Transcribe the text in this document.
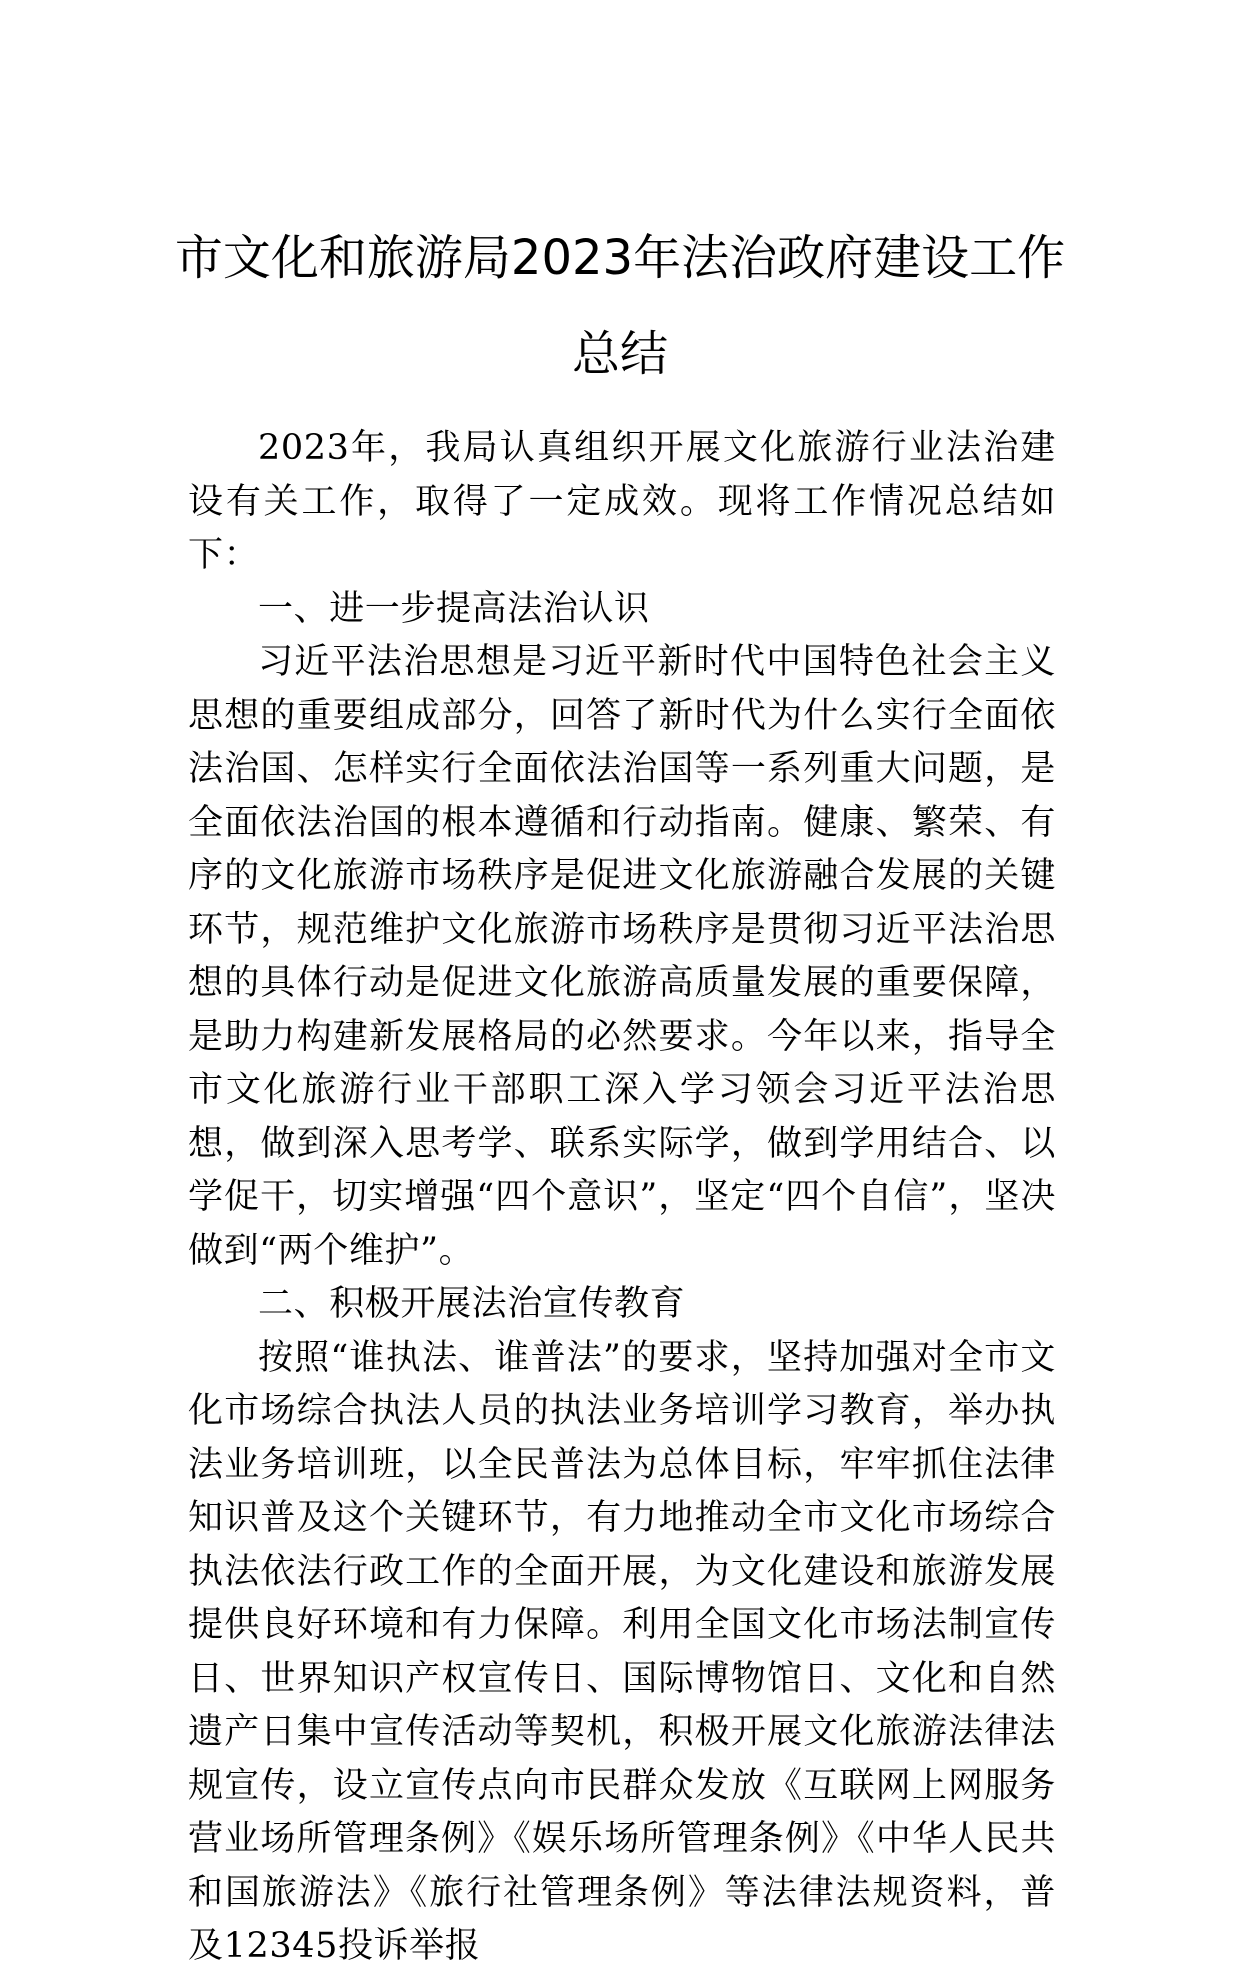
市文化和旅游局2023年法治政府建设工作
总结

2023年，我局认真组织开展文化旅游行业法治建设有关工作，取得了一定成效。现将工作情况总结如下：

一、进一步提高法治认识

习近平法治思想是习近平新时代中国特色社会主义思想的重要组成部分，回答了新时代为什么实行全面依法治国、怎样实行全面依法治国等一系列重大问题，是全面依法治国的根本遵循和行动指南。健康、繁荣、有序的文化旅游市场秩序是促进文化旅游融合发展的关键环节，规范维护文化旅游市场秩序是贯彻习近平法治思想的具体行动是促进文化旅游高质量发展的重要保障，是助力构建新发展格局的必然要求。今年以来，指导全市文化旅游行业干部职工深入学习领会习近平法治思想，做到深入思考学、联系实际学，做到学用结合、以学促干，切实增强“四个意识”，坚定“四个自信”，坚决做到“两个维护”。

二、积极开展法治宣传教育

按照“谁执法、谁普法”的要求，坚持加强对全市文化市场综合执法人员的执法业务培训学习教育，举办执法业务培训班，以全民普法为总体目标，牢牢抓住法律知识普及这个关键环节，有力地推动全市文化市场综合执法依法行政工作的全面开展，为文化建设和旅游发展提供良好环境和有力保障。利用全国文化市场法制宣传日、世界知识产权宣传日、国际博物馆日、文化和自然遗产日集中宣传活动等契机，积极开展文化旅游法律法规宣传，设立宣传点向市民群众发放《互联网上网服务营业场所管理条例》《娱乐场所管理条例》《中华人民共和国旅游法》《旅行社管理条例》等法律法规资料，普及12345投诉举报
